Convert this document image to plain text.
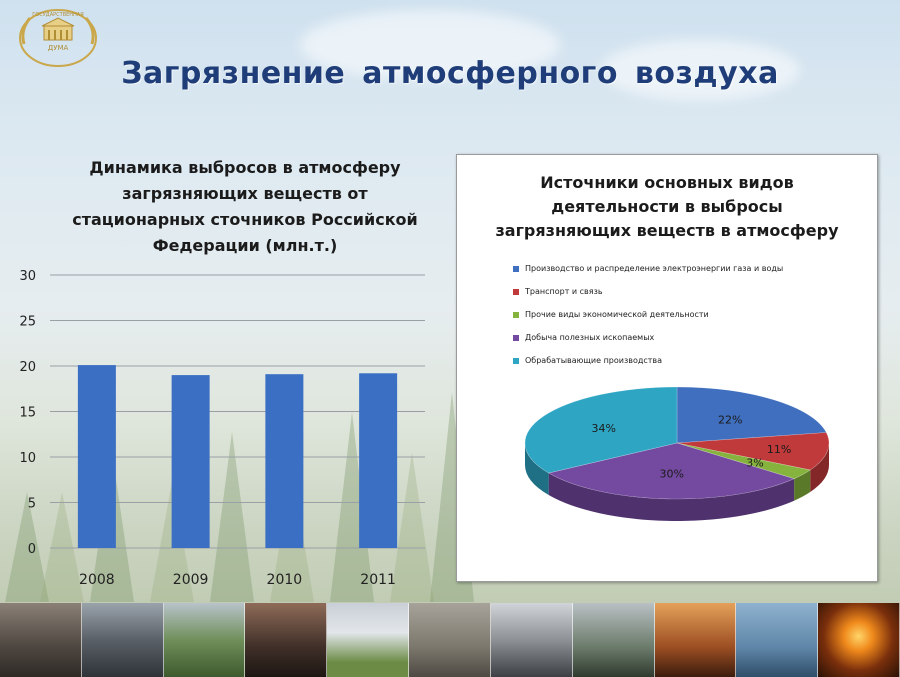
ГОСУДАРСТВЕННАЯ
ДУМА
Загрязнение атмосферного воздуха
Динамика выбросов в атмосферу
загрязняющих веществ от
стационарных сточников Российской
Федерации (млн.т.)
0
5
10
15
20
25
30
2008	2009	2010	2011
Источники основных видов
деятельности в выбросы
загрязняющих веществ в атмосферу
Производство и распределение электроэнергии газа и воды
Транспорт и связь
Прочие виды экономической деятельности
Добыча полезных ископаемых
Обрабатывающие производства
22%
11%
3%
30%
34%
